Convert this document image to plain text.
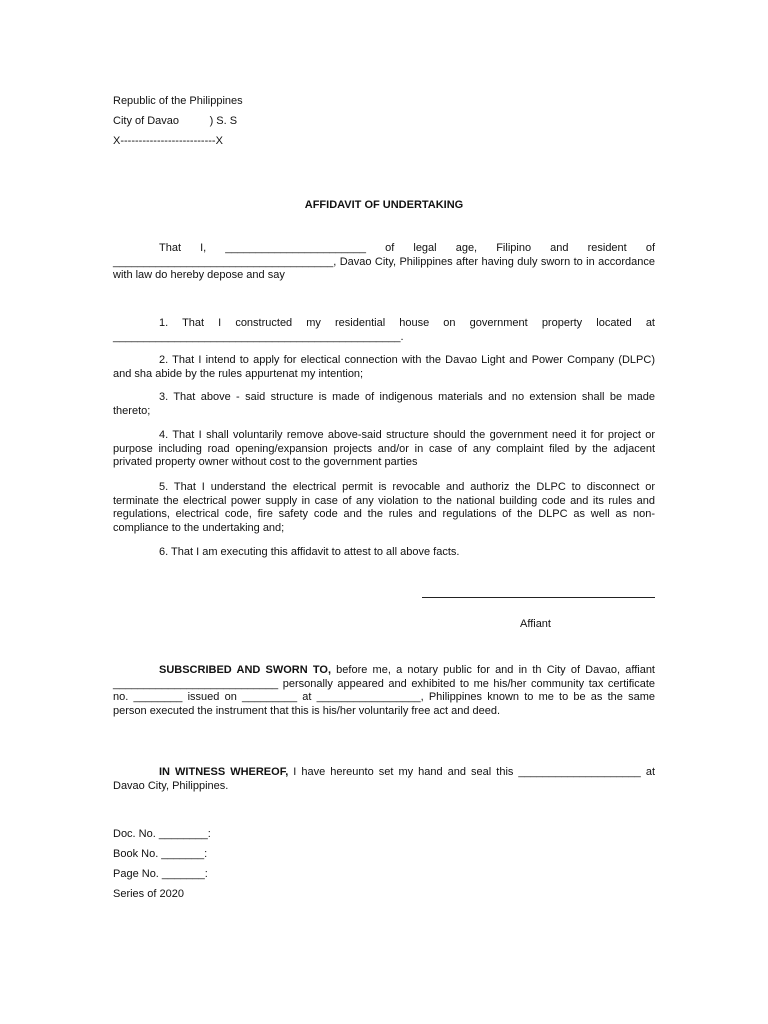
Republic of the Philippines
City of Davao          ) S. S
X--------------------------X
AFFIDAVIT OF UNDERTAKING
That I, _______________________ of legal age, Filipino and resident of ____________________________________, Davao City, Philippines after having duly sworn to in accordance with law do hereby depose and say
1. That I constructed my residential house on government property located at _______________________________________________.
2. That I intend to apply for electical connection with the Davao Light and Power Company (DLPC) and sha abide by the rules appurtenat my intention;
3. That above - said structure is made of indigenous materials and no extension shall be made thereto;
4. That I shall voluntarily remove above-said structure should the government need it for project or purpose including road opening/expansion projects and/or in case of any complaint filed by the adjacent privated property owner without cost to the government parties
5. That I understand the electrical permit is revocable and authoriz the DLPC to disconnect or terminate the electrical power supply in case of any violation to the national building code and its rules and regulations, electrical code, fire safety code and the rules and regulations of the DLPC as well as non-compliance to the undertaking and;
6. That I am executing this affidavit to attest to all above facts.
Affiant
SUBSCRIBED AND SWORN TO, before me, a notary public for and in th City of Davao, affiant ___________________________ personally appeared and exhibited to me his/her community tax certificate no. ________ issued on _________ at _________________, Philippines known to me to be as the same person executed the instrument that this is his/her voluntarily free act and deed.
IN WITNESS WHEREOF, I have hereunto set my hand and seal this ____________________ at Davao City, Philippines.
Doc. No. ________:
Book No. _______:
Page No. _______:
Series of 2020
